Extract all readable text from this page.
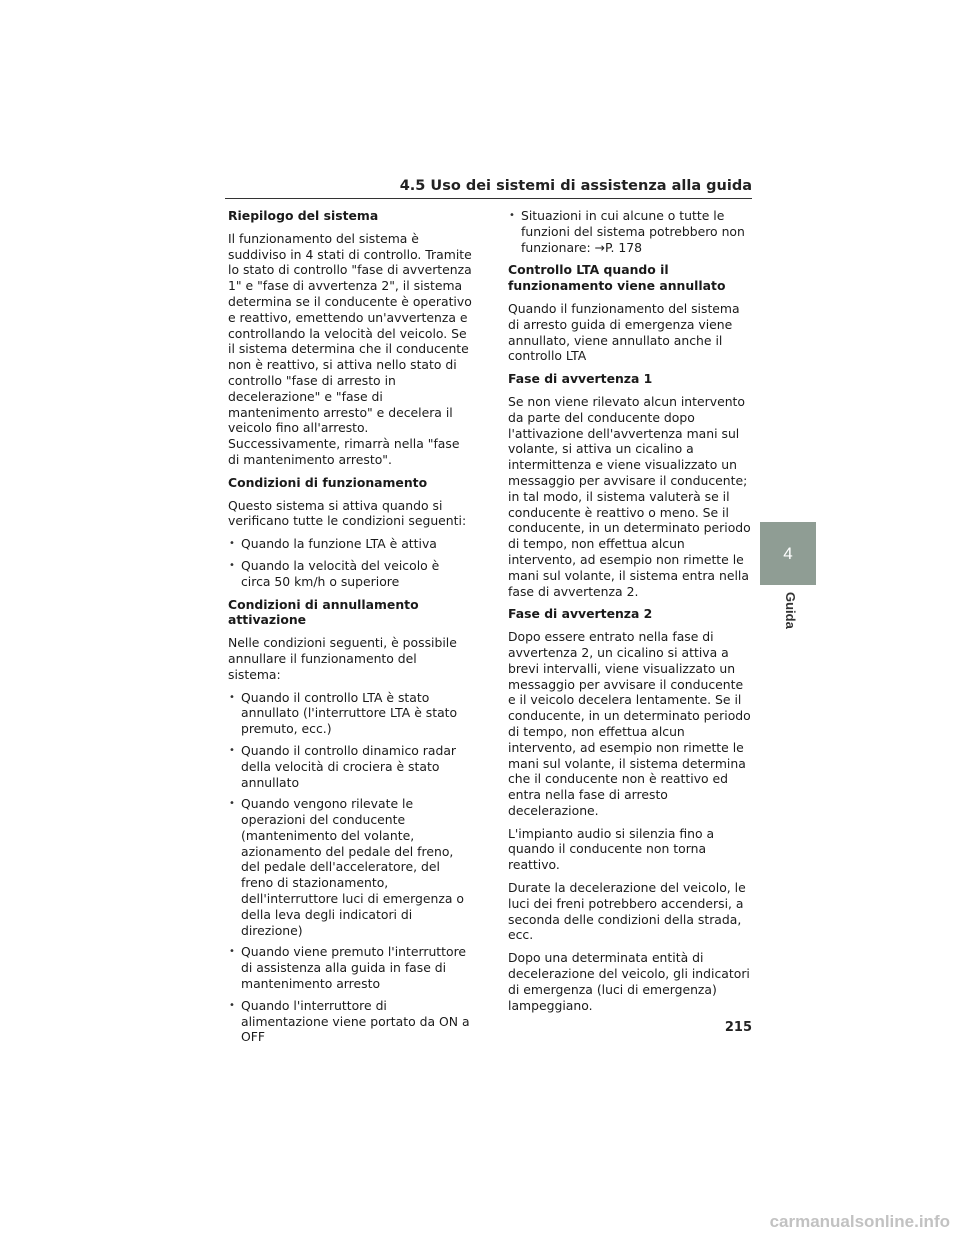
4.5 Uso dei sistemi di assistenza alla guida
Riepilogo del sistema

Il funzionamento del sistema è suddiviso in 4 stati di controllo. Tramite lo stato di controllo "fase di avvertenza 1" e "fase di avvertenza 2", il sistema determina se il conducente è operativo e reattivo, emettendo un'avvertenza e controllando la velocità del veicolo. Se il sistema determina che il conducente non è reattivo, si attiva nello stato di controllo "fase di arresto in decelerazione" e "fase di mantenimento arresto" e decelera il veicolo fino all'arresto. Successivamente, rimarrà nella "fase di mantenimento arresto".

Condizioni di funzionamento

Questo sistema si attiva quando si verificano tutte le condizioni seguenti:

• Quando la funzione LTA è attiva
• Quando la velocità del veicolo è circa 50 km/h o superiore
Condizioni di annullamento attivazione

Nelle condizioni seguenti, è possibile annullare il funzionamento del sistema:

• Quando il controllo LTA è stato annullato (l'interruttore LTA è stato premuto, ecc.)
• Quando il controllo dinamico radar della velocità di crociera è stato annullato
• Quando vengono rilevate le operazioni del conducente (mantenimento del volante, azionamento del pedale del freno, del pedale dell'acceleratore, del freno di stazionamento, dell'interruttore luci di emergenza o della leva degli indicatori di direzione)
• Quando viene premuto l'interruttore di assistenza alla guida in fase di mantenimento arresto
• Quando l'interruttore di alimentazione viene portato da ON a OFF
• Situazioni in cui alcune o tutte le funzioni del sistema potrebbero non funzionare: →P. 178
Controllo LTA quando il funzionamento viene annullato

Quando il funzionamento del sistema di arresto guida di emergenza viene annullato, viene annullato anche il controllo LTA

Fase di avvertenza 1

Se non viene rilevato alcun intervento da parte del conducente dopo l'attivazione dell'avvertenza mani sul volante, si attiva un cicalino a intermittenza e viene visualizzato un messaggio per avvisare il conducente; in tal modo, il sistema valuterà se il conducente è reattivo o meno. Se il conducente, in un determinato periodo di tempo, non effettua alcun intervento, ad esempio non rimette le mani sul volante, il sistema entra nella fase di avvertenza 2.

Fase di avvertenza 2

Dopo essere entrato nella fase di avvertenza 2, un cicalino si attiva a brevi intervalli, viene visualizzato un messaggio per avvisare il conducente e il veicolo decelera lentamente. Se il conducente, in un determinato periodo di tempo, non effettua alcun intervento, ad esempio non rimette le mani sul volante, il sistema determina che il conducente non è reattivo ed entra nella fase di arresto decelerazione.

L'impianto audio si silenzia fino a quando il conducente non torna reattivo.

Durate la decelerazione del veicolo, le luci dei freni potrebbero accendersi, a seconda delle condizioni della strada, ecc.

Dopo una determinata entità di decelerazione del veicolo, gli indicatori di emergenza (luci di emergenza) lampeggiano.

4
Guida
215
carmanualsonline.info
